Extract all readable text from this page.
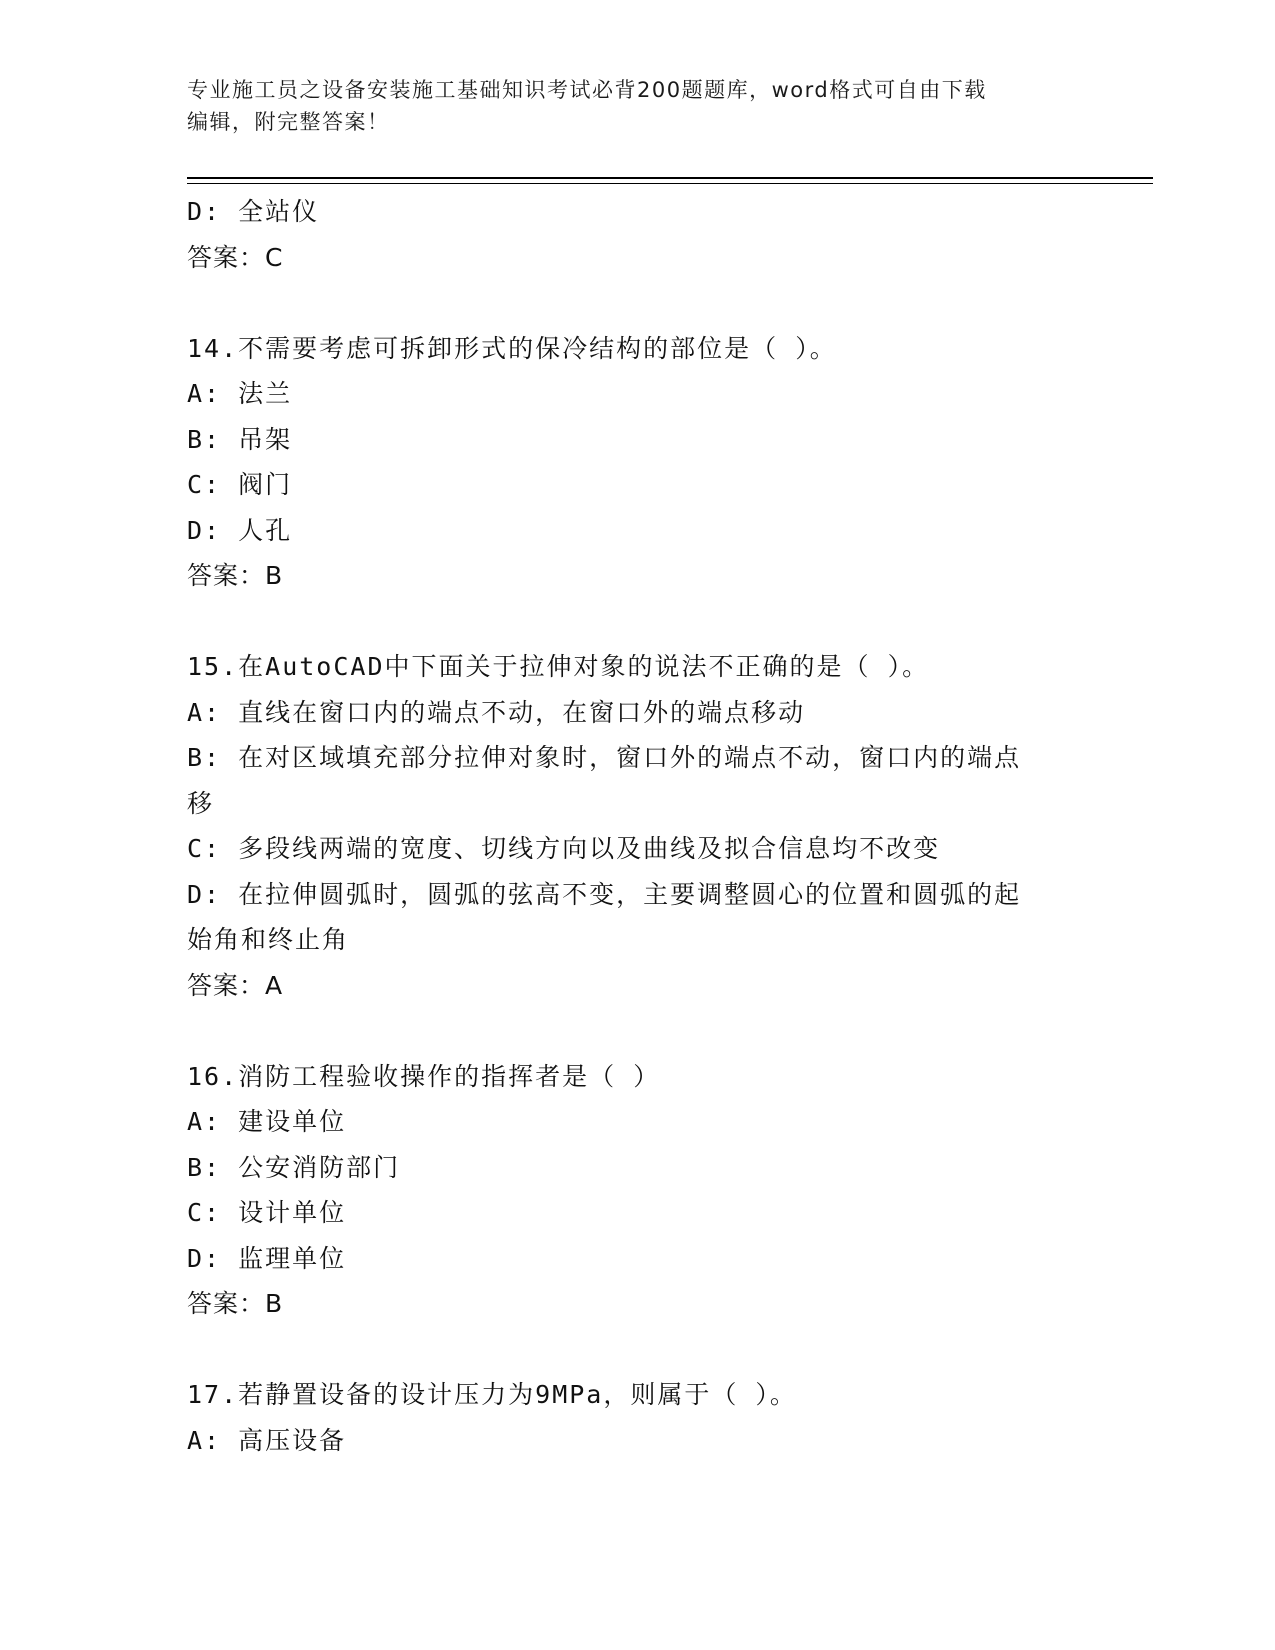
专业施工员之设备安装施工基础知识考试必背200题题库，word格式可自由下载
编辑，附完整答案！
D: 全站仪
答案：C
14.不需要考虑可拆卸形式的保冷结构的部位是（ ）。
A: 法兰
B: 吊架
C: 阀门
D: 人孔
答案：B
15.在AutoCAD中下面关于拉伸对象的说法不正确的是（ ）。
A: 直线在窗口内的端点不动，在窗口外的端点移动
B: 在对区域填充部分拉伸对象时，窗口外的端点不动，窗口内的端点
移
C: 多段线两端的宽度、切线方向以及曲线及拟合信息均不改变
D: 在拉伸圆弧时，圆弧的弦高不变，主要调整圆心的位置和圆弧的起
始角和终止角
答案：A
16.消防工程验收操作的指挥者是（ ）
A: 建设单位
B: 公安消防部门
C: 设计单位
D: 监理单位
答案：B
17.若静置设备的设计压力为9MPa，则属于（ ）。
A: 高压设备
